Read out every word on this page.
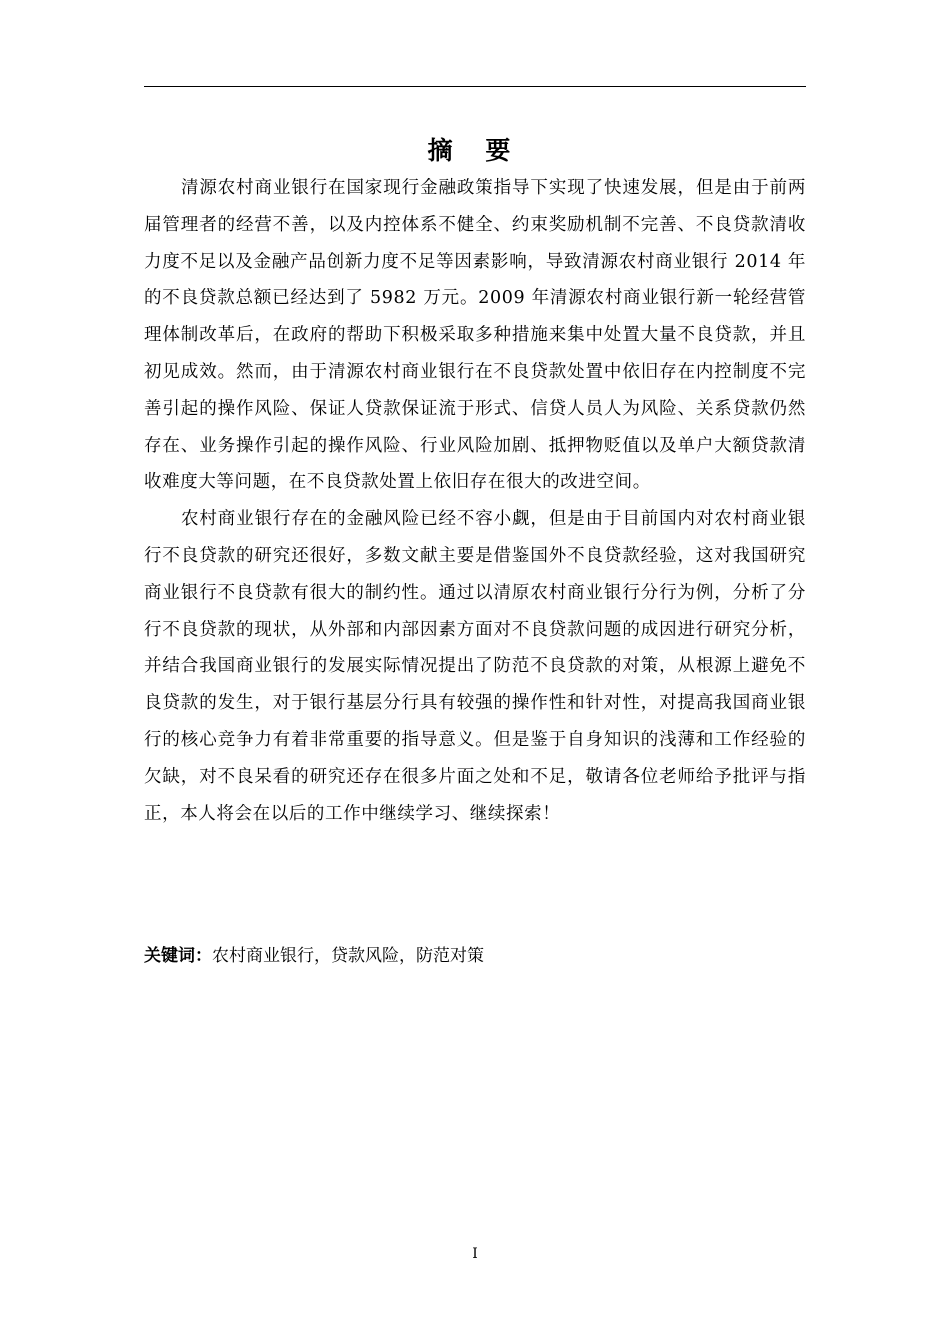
摘 要

清源农村商业银行在国家现行金融政策指导下实现了快速发展，但是由于前两届管理者的经营不善，以及内控体系不健全、约束奖励机制不完善、不良贷款清收力度不足以及金融产品创新力度不足等因素影响，导致清源农村商业银行 2014 年的不良贷款总额已经达到了 5982 万元。2009 年清源农村商业银行新一轮经营管理体制改革后，在政府的帮助下积极采取多种措施来集中处置大量不良贷款，并且初见成效。然而，由于清源农村商业银行在不良贷款处置中依旧存在内控制度不完善引起的操作风险、保证人贷款保证流于形式、信贷人员人为风险、关系贷款仍然存在、业务操作引起的操作风险、行业风险加剧、抵押物贬值以及单户大额贷款清收难度大等问题，在不良贷款处置上依旧存在很大的改进空间。

农村商业银行存在的金融风险已经不容小觑，但是由于目前国内对农村商业银行不良贷款的研究还很好，多数文献主要是借鉴国外不良贷款经验，这对我国研究商业银行不良贷款有很大的制约性。通过以清原农村商业银行分行为例，分析了分行不良贷款的现状，从外部和内部因素方面对不良贷款问题的成因进行研究分析，并结合我国商业银行的发展实际情况提出了防范不良贷款的对策，从根源上避免不良贷款的发生，对于银行基层分行具有较强的操作性和针对性，对提高我国商业银行的核心竞争力有着非常重要的指导意义。但是鉴于自身知识的浅薄和工作经验的欠缺，对不良呆看的研究还存在很多片面之处和不足，敬请各位老师给予批评与指正，本人将会在以后的工作中继续学习、继续探索！

关键词：农村商业银行，贷款风险，防范对策
I
